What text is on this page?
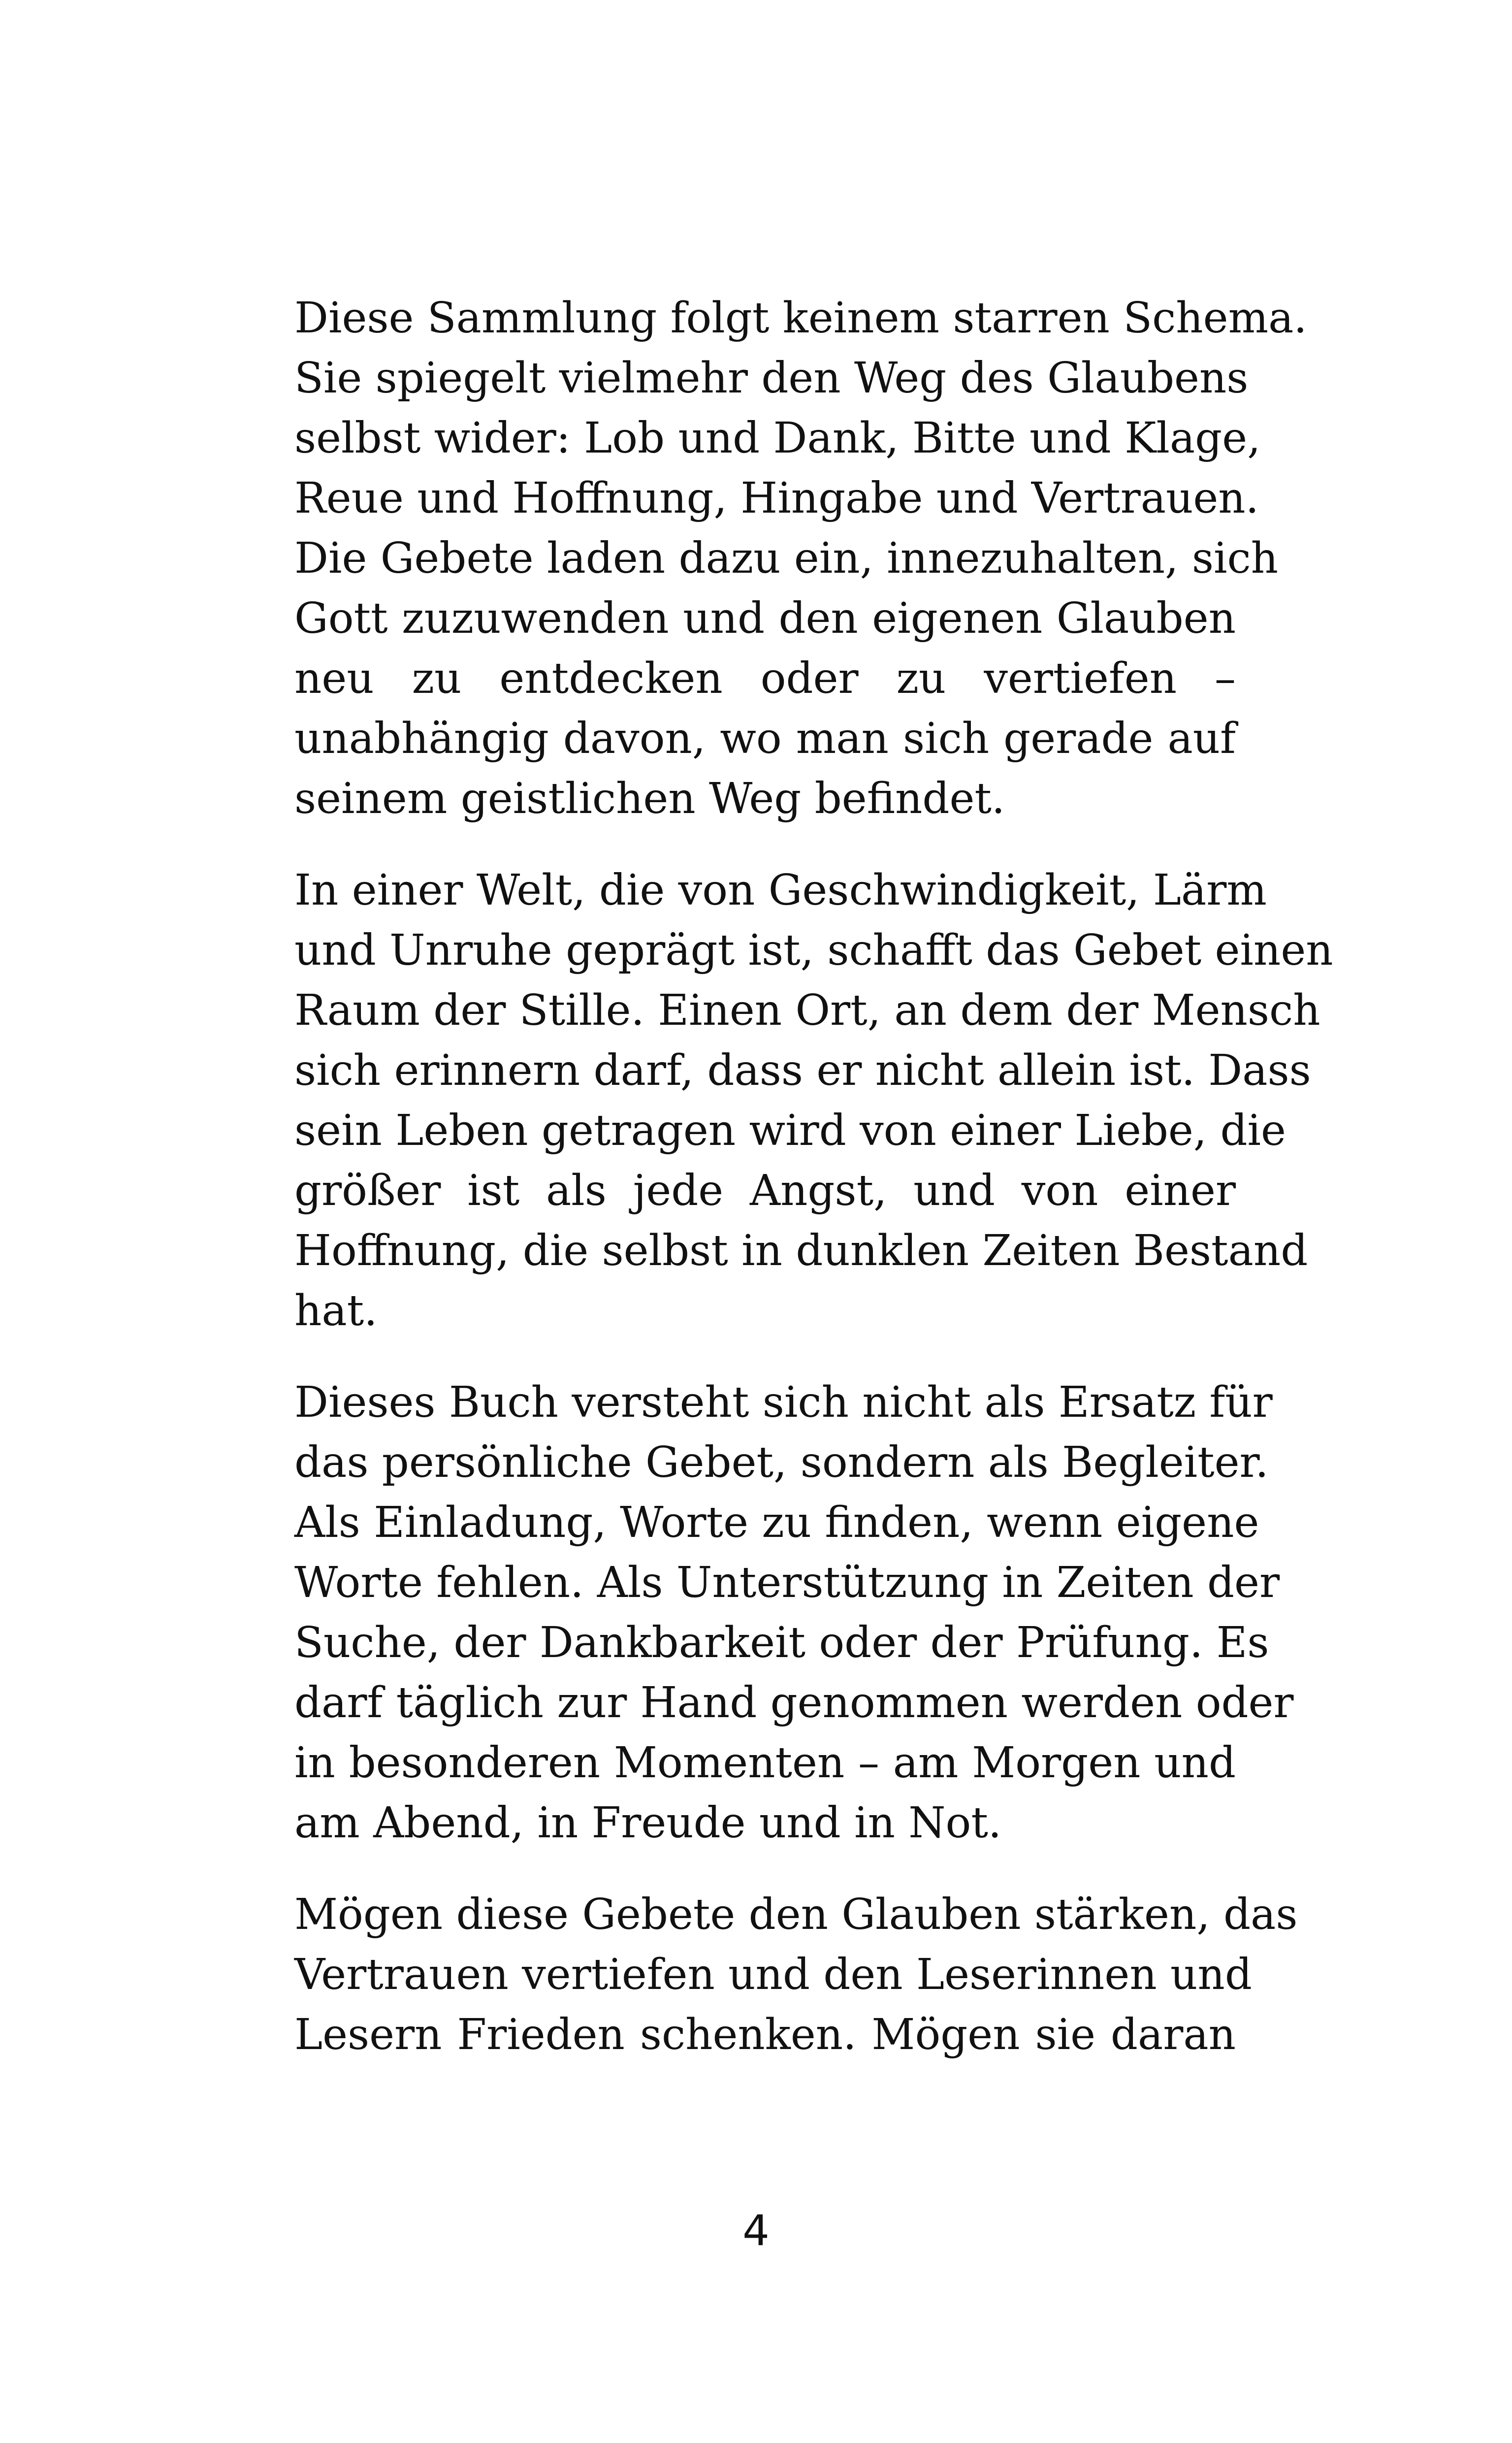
Diese Sammlung folgt keinem starren Schema.
Sie spiegelt vielmehr den Weg des Glaubens
selbst wider: Lob und Dank, Bitte und Klage,
Reue und Hoffnung, Hingabe und Vertrauen.
Die Gebete laden dazu ein, innezuhalten, sich
Gott zuzuwenden und den eigenen Glauben
neu zu entdecken oder zu vertiefen –
unabhängig davon, wo man sich gerade auf
seinem geistlichen Weg befindet.

In einer Welt, die von Geschwindigkeit, Lärm
und Unruhe geprägt ist, schafft das Gebet einen
Raum der Stille. Einen Ort, an dem der Mensch
sich erinnern darf, dass er nicht allein ist. Dass
sein Leben getragen wird von einer Liebe, die
größer ist als jede Angst, und von einer
Hoffnung, die selbst in dunklen Zeiten Bestand
hat.

Dieses Buch versteht sich nicht als Ersatz für
das persönliche Gebet, sondern als Begleiter.
Als Einladung, Worte zu finden, wenn eigene
Worte fehlen. Als Unterstützung in Zeiten der
Suche, der Dankbarkeit oder der Prüfung. Es
darf täglich zur Hand genommen werden oder
in besonderen Momenten – am Morgen und
am Abend, in Freude und in Not.

Mögen diese Gebete den Glauben stärken, das
Vertrauen vertiefen und den Leserinnen und
Lesern Frieden schenken. Mögen sie daran

4
